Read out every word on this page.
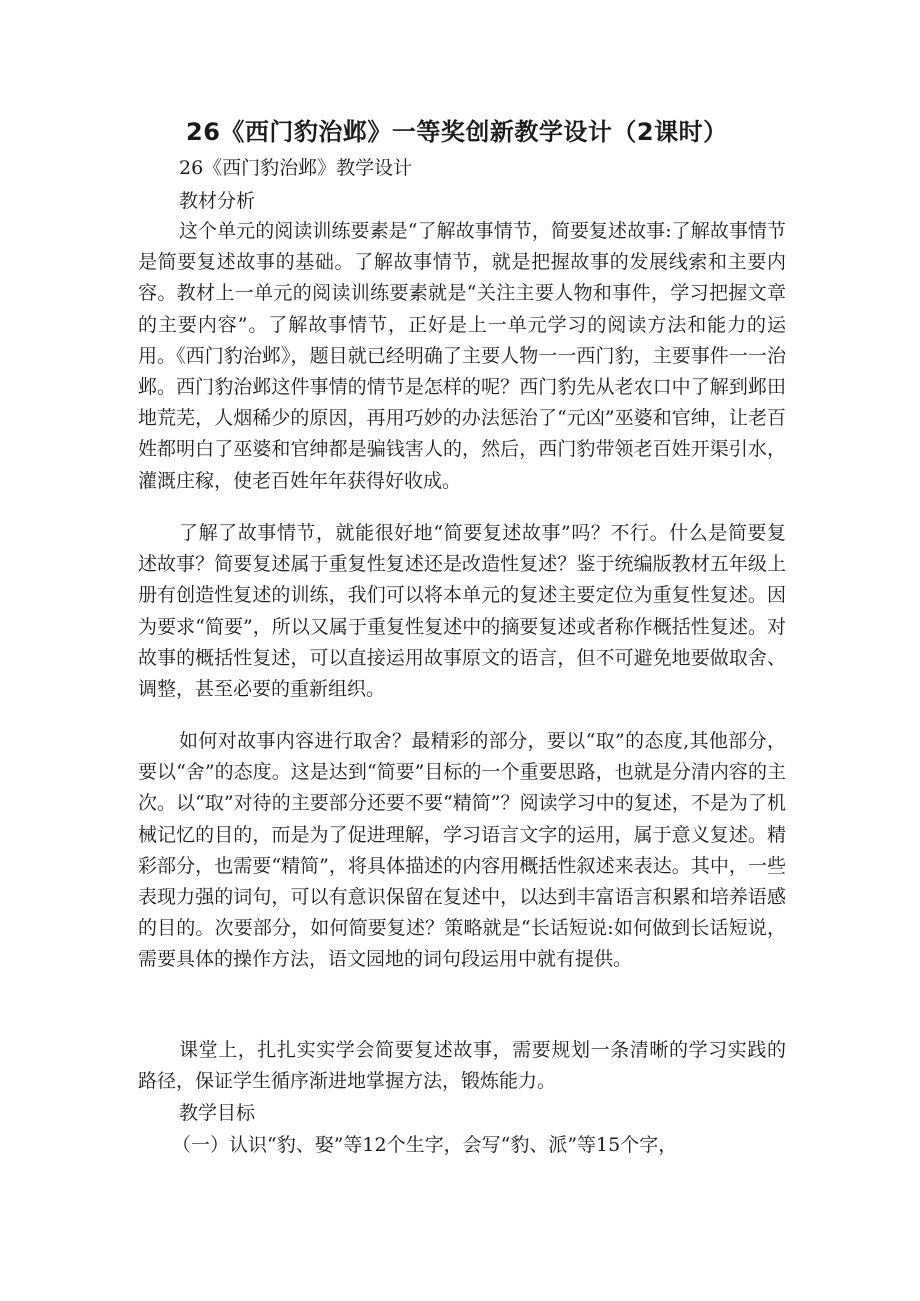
26《西门豹治邺》一等奖创新教学设计（2课时）
26《西门豹治邺》教学设计
教材分析

这个单元的阅读训练要素是“了解故事情节，简要复述故事:了解故事情节是简要复述故事的基础。了解故事情节，就是把握故事的发展线索和主要内容。教材上一单元的阅读训练要素就是“关注主要人物和事件，学习把握文章的主要内容”。了解故事情节，正好是上一单元学习的阅读方法和能力的运用。《西门豹治邺》，题目就已经明确了主要人物一一西门豹，主要事件一一治邺。西门豹治邺这件事情的情节是怎样的呢？西门豹先从老农口中了解到邺田地荒芜，人烟稀少的原因，再用巧妙的办法惩治了“元凶”巫婆和官绅，让老百姓都明白了巫婆和官绅都是骗钱害人的，然后，西门豹带领老百姓开渠引水，灌溉庄稼，使老百姓年年获得好收成。

了解了故事情节，就能很好地“简要复述故事”吗？不行。什么是简要复述故事？简要复述属于重复性复述还是改造性复述？鉴于统编版教材五年级上册有创造性复述的训练，我们可以将本单元的复述主要定位为重复性复述。因为要求“简要”，所以又属于重复性复述中的摘要复述或者称作概括性复述。对故事的概括性复述，可以直接运用故事原文的语言，但不可避免地要做取舍、调整，甚至必要的重新组织。

如何对故事内容进行取舍？最精彩的部分，要以“取”的态度,其他部分，要以“舍”的态度。这是达到“简要”目标的一个重要思路，也就是分清内容的主次。以“取”对待的主要部分还要不要“精简”？阅读学习中的复述，不是为了机械记忆的目的，而是为了促进理解，学习语言文字的运用，属于意义复述。精彩部分，也需要“精简”，将具体描述的内容用概括性叙述来表达。其中，一些表现力强的词句，可以有意识保留在复述中，以达到丰富语言积累和培养语感的目的。次要部分，如何简要复述？策略就是“长话短说:如何做到长话短说，需要具体的操作方法，语文园地的词句段运用中就有提供。

课堂上，扎扎实实学会简要复述故事，需要规划一条清晰的学习实践的路径，保证学生循序渐进地掌握方法，锻炼能力。

教学目标
（一）认识“豹、娶”等12个生字，会写“豹、派”等15个字，
